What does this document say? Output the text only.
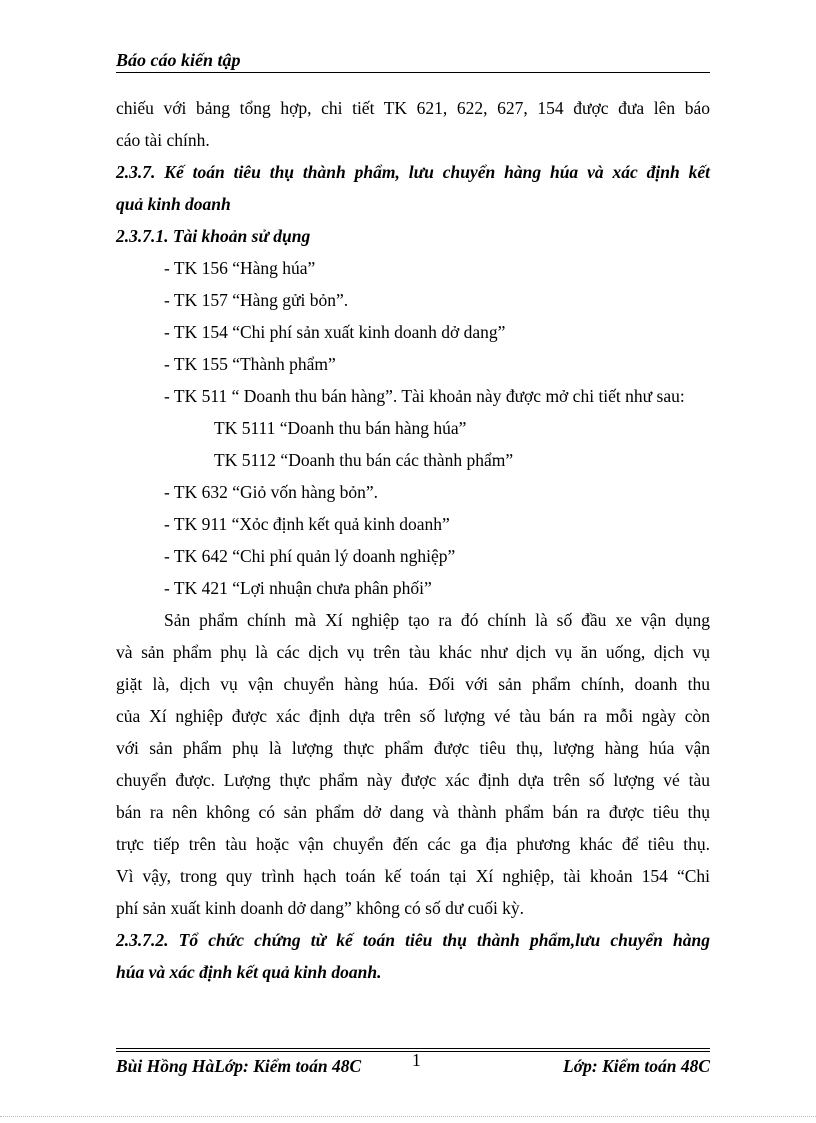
Báo cáo kiến tập
chiếu với bảng tổng hợp, chi tiết TK 621, 622, 627, 154 được đưa lên báo
cáo tài chính.
2.3.7. Kế toán tiêu thụ thành phẩm, lưu chuyển hàng húa và xác định kết
quả kinh doanh
2.3.7.1. Tài khoản sử dụng
- TK 156 “Hàng húa”
- TK 157 “Hàng gửi bỏn”.
- TK 154 “Chi phí sản xuất kinh doanh dở dang”
- TK 155 “Thành phẩm”
- TK 511 “ Doanh thu bán hàng”. Tài khoản này được mở chi tiết như sau:
TK 5111 “Doanh thu bán hàng húa”
TK 5112 “Doanh thu bán các thành phẩm”
- TK 632 “Giỏ vốn hàng bỏn”.
- TK 911 “Xỏc định kết quả kinh doanh”
- TK 642 “Chi phí quản lý doanh nghiệp”
- TK 421 “Lợi nhuận chưa phân phối”
Sản phẩm chính mà Xí nghiệp tạo ra đó chính là số đầu xe vận dụng
và sản phẩm phụ là các dịch vụ trên tàu khác như dịch vụ ăn uống, dịch vụ
giặt là, dịch vụ vận chuyển hàng húa. Đối với sản phẩm chính, doanh thu
của Xí nghiệp được xác định dựa trên số lượng vé tàu bán ra mỗi ngày còn
với sản phẩm phụ là lượng thực phẩm được tiêu thụ, lượng hàng húa vận
chuyển được. Lượng thực phẩm này được xác định dựa trên số lượng vé tàu
bán ra nên không có sản phẩm dở dang và thành phẩm bán ra được tiêu thụ
trực tiếp trên tàu hoặc vận chuyển đến các ga địa phương khác để tiêu thụ.
Vì vậy, trong quy trình hạch toán kế toán tại Xí nghiệp, tài khoản 154 “Chi
phí sản xuất kinh doanh dở dang” không có số dư cuối kỳ.
2.3.7.2. Tổ chức chứng từ kế toán tiêu thụ thành phẩm,lưu chuyển hàng
húa và xác định kết quả kinh doanh.
Bùi Hồng HàLớp: Kiểm toán 48C	1	Lớp: Kiểm toán 48C
